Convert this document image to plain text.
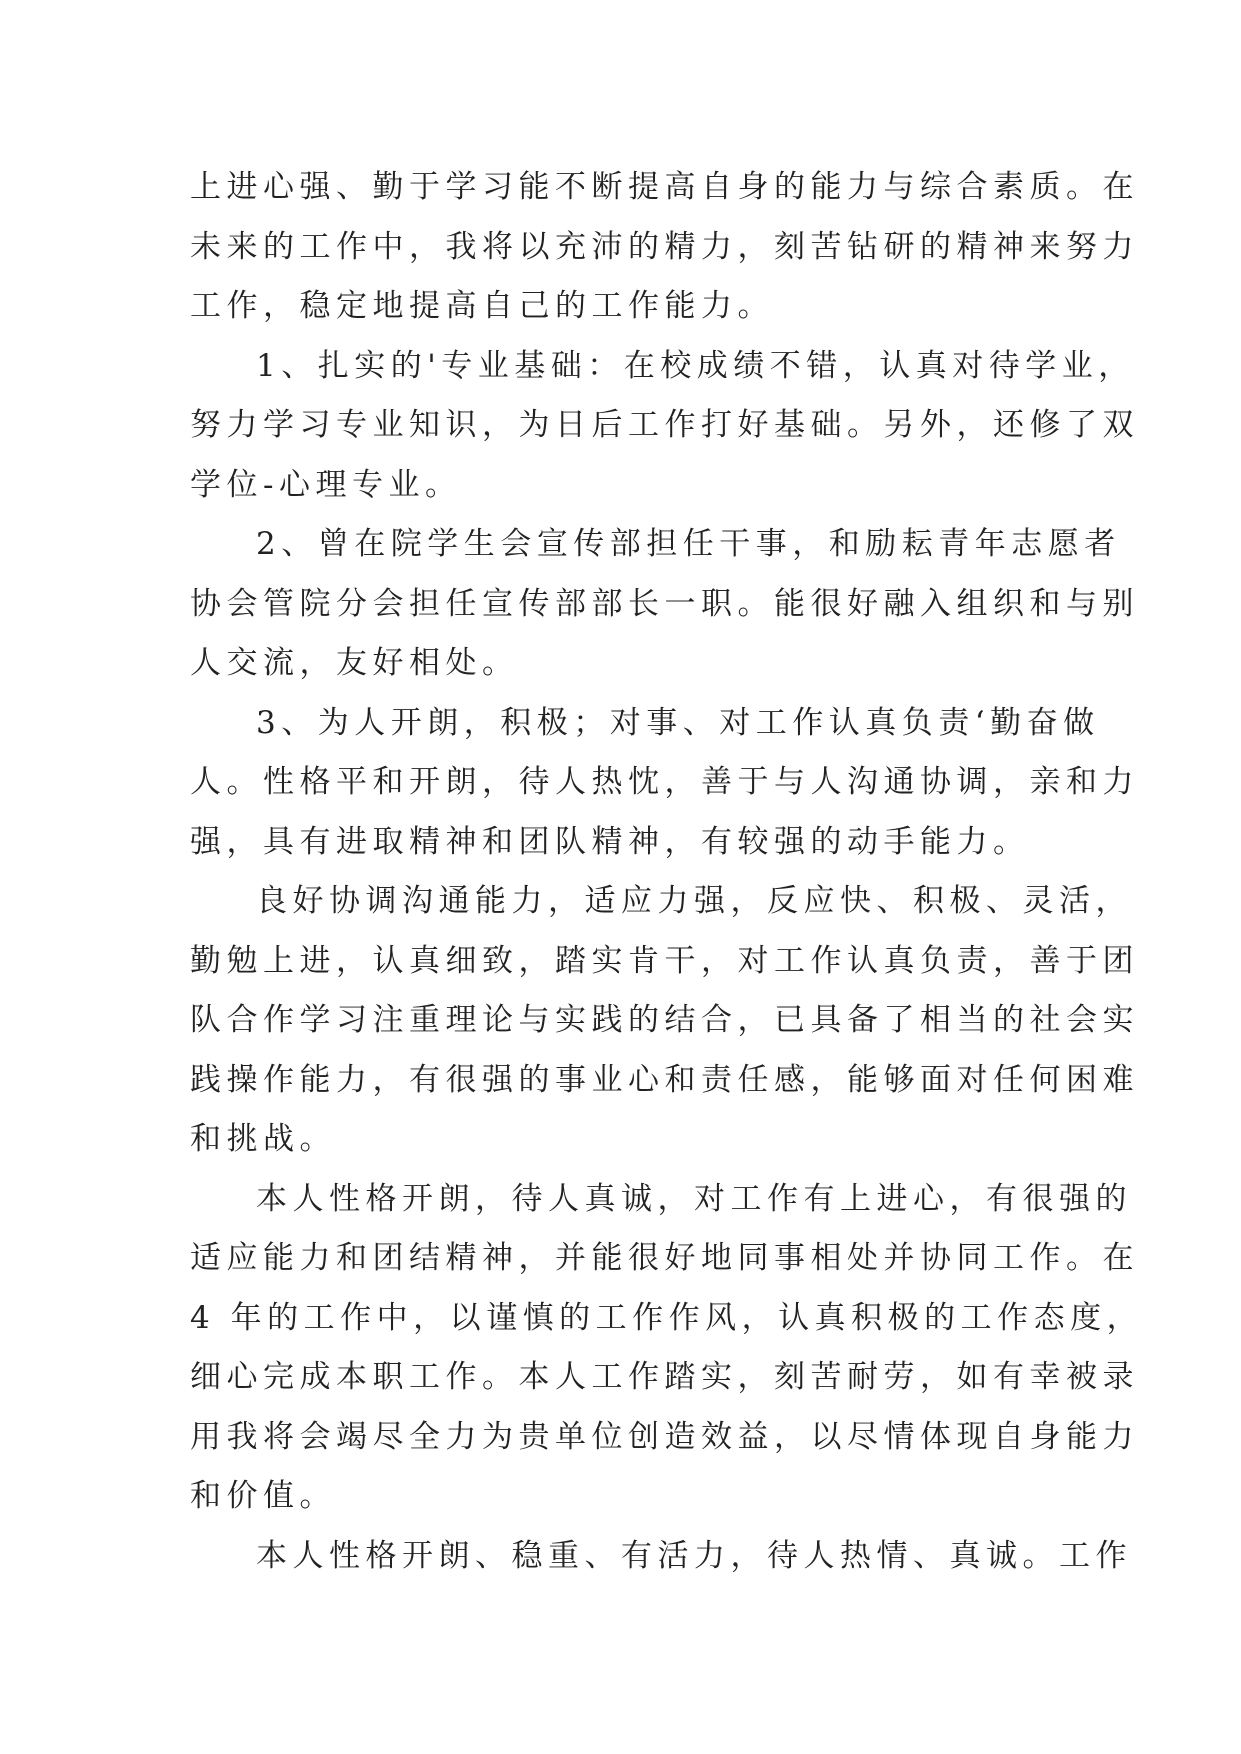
上进心强、勤于学习能不断提高自身的能力与综合素质。在
未来的工作中，我将以充沛的精力，刻苦钻研的精神来努力
工作，稳定地提高自己的工作能力。

1、扎实的'专业基础：在校成绩不错，认真对待学业，
努力学习专业知识，为日后工作打好基础。另外，还修了双
学位-心理专业。

2、曾在院学生会宣传部担任干事，和励耘青年志愿者
协会管院分会担任宣传部部长一职。能很好融入组织和与别
人交流，友好相处。

3、为人开朗，积极；对事、对工作认真负责‘勤奋做
人。性格平和开朗，待人热忱，善于与人沟通协调，亲和力
强，具有进取精神和团队精神，有较强的动手能力。

良好协调沟通能力，适应力强，反应快、积极、灵活，
勤勉上进，认真细致，踏实肯干，对工作认真负责，善于团
队合作学习注重理论与实践的结合，已具备了相当的社会实
践操作能力，有很强的事业心和责任感，能够面对任何困难
和挑战。

本人性格开朗，待人真诚，对工作有上进心，有很强的
适应能力和团结精神，并能很好地同事相处并协同工作。在
4 年的工作中，以谨慎的工作作风，认真积极的工作态度，
细心完成本职工作。本人工作踏实，刻苦耐劳，如有幸被录
用我将会竭尽全力为贵单位创造效益，以尽情体现自身能力
和价值。

本人性格开朗、稳重、有活力，待人热情、真诚。工作
